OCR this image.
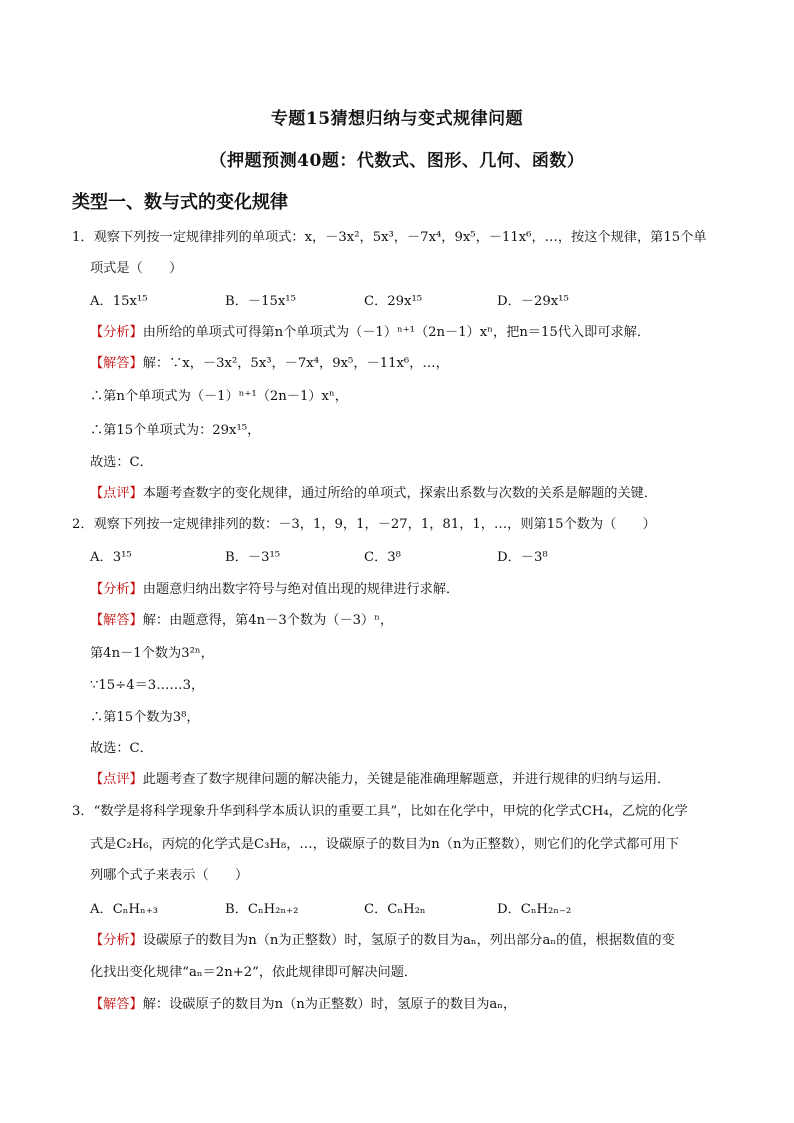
专题15猜想归纳与变式规律问题
（押题预测40题：代数式、图形、几何、函数）
类型一、数与式的变化规律
1．观察下列按一定规律排列的单项式：x，－3x²，5x³，－7x⁴，9x⁵，－11x⁶，…，按这个规律，第15个单
项式是（　　）
A．15x¹⁵	B．－15x¹⁵	C．29x¹⁵	D．－29x¹⁵
【分析】由所给的单项式可得第n个单项式为（－1）ⁿ⁺¹（2n－1）xⁿ，把n＝15代入即可求解．
【解答】解：∵x，－3x²，5x³，－7x⁴，9x⁵，－11x⁶，…，
∴第n个单项式为（－1）ⁿ⁺¹（2n－1）xⁿ，
∴第15个单项式为：29x¹⁵，
故选：C．
【点评】本题考查数字的变化规律，通过所给的单项式，探索出系数与次数的关系是解题的关键．
2．观察下列按一定规律排列的数：－3，1，9，1，－27，1，81，1，…，则第15个数为（　　）
A．3¹⁵	B．－3¹⁵	C．3⁸	D．－3⁸
【分析】由题意归纳出数字符号与绝对值出现的规律进行求解．
【解答】解：由题意得，第4n－3个数为（－3）ⁿ，
第4n－1个数为3²ⁿ，
∵15÷4＝3……3，
∴第15个数为3⁸，
故选：C．
【点评】此题考查了数字规律问题的解决能力，关键是能准确理解题意，并进行规律的归纳与运用．
3．“数学是将科学现象升华到科学本质认识的重要工具”，比如在化学中，甲烷的化学式CH₄，乙烷的化学
式是C₂H₆，丙烷的化学式是C₃H₈，…，设碳原子的数目为n（n为正整数），则它们的化学式都可用下
列哪个式子来表示（　　）
A．CₙHₙ₊₃	B．CₙH₂ₙ₊₂	C．CₙH₂ₙ	D．CₙH₂ₙ₋₂
【分析】设碳原子的数目为n（n为正整数）时，氢原子的数目为aₙ，列出部分aₙ的值，根据数值的变
化找出变化规律“aₙ＝2n+2”，依此规律即可解决问题．
【解答】解：设碳原子的数目为n（n为正整数）时，氢原子的数目为aₙ，
